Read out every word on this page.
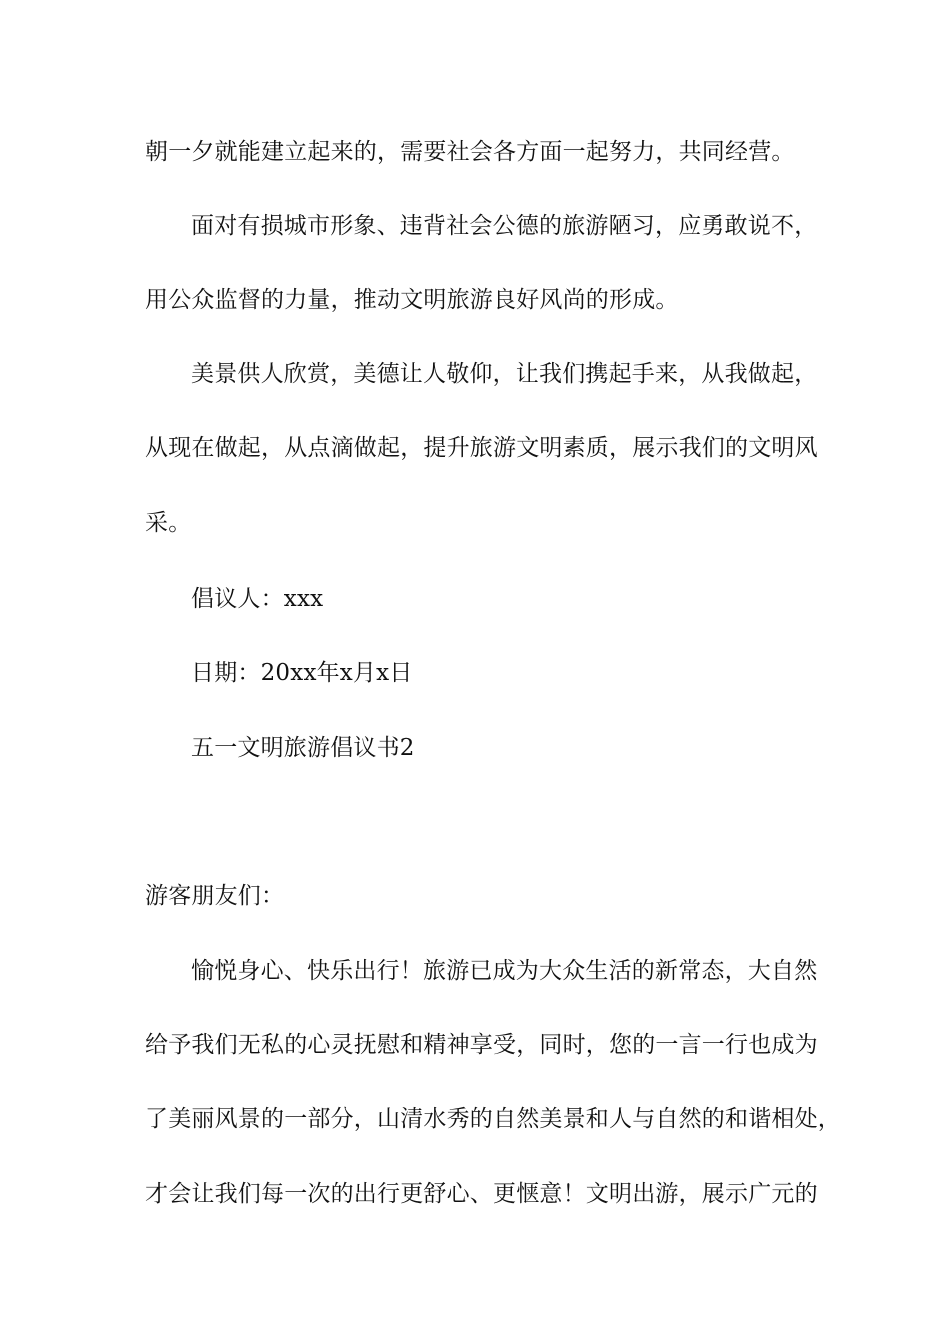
朝一夕就能建立起来的，需要社会各方面一起努力，共同经营。
面对有损城市形象、违背社会公德的旅游陋习，应勇敢说不，
用公众监督的力量，推动文明旅游良好风尚的形成。
美景供人欣赏，美德让人敬仰，让我们携起手来，从我做起，
从现在做起，从点滴做起，提升旅游文明素质，展示我们的文明风
采。
倡议人：xxx
日期：20xx年x月x日
五一文明旅游倡议书2
游客朋友们：
愉悦身心、快乐出行！旅游已成为大众生活的新常态，大自然
给予我们无私的心灵抚慰和精神享受，同时，您的一言一行也成为
了美丽风景的一部分，山清水秀的自然美景和人与自然的和谐相处，
才会让我们每一次的出行更舒心、更惬意！文明出游，展示广元的
